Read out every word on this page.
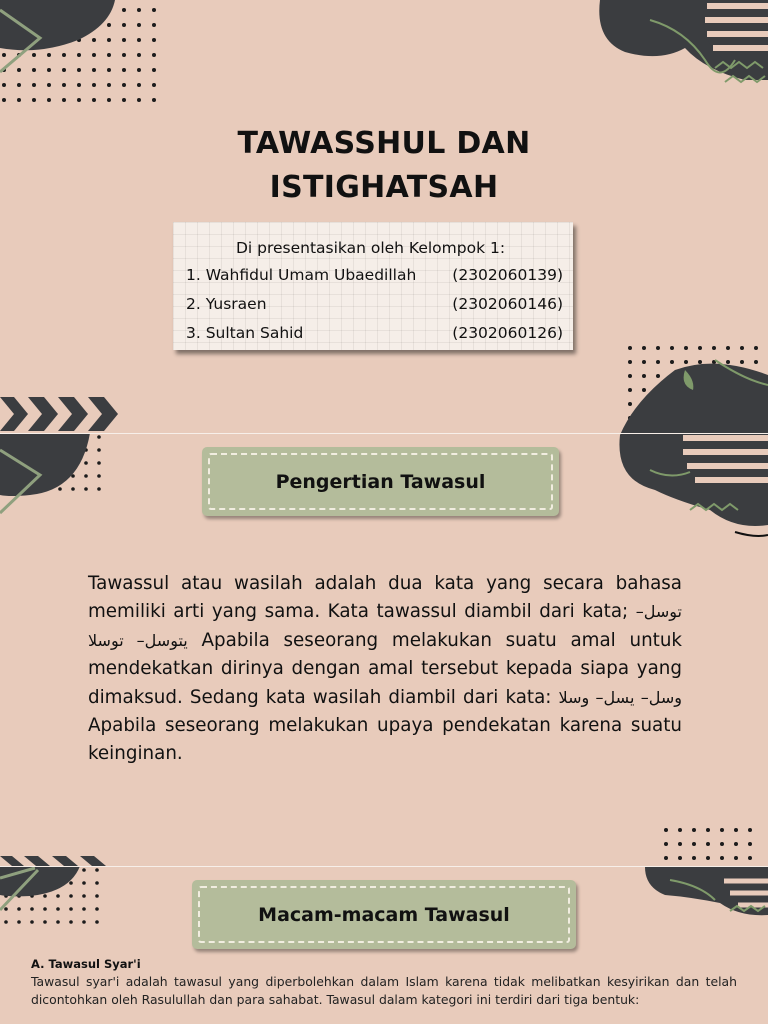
TAWASSHUL DAN
ISTIGHATSAH
Di presentasikan oleh Kelompok 1:
1. Wahfidul Umam Ubaedillah (2302060139)
2. Yusraen	(2302060146)
3. Sultan Sahid	(2302060126)
Pengertian Tawasul

Tawassul atau wasilah adalah dua kata yang secara bahasa memiliki arti yang sama. Kata tawassul diambil dari kata; توسل– يتوسل– توسلا Apabila seseorang melakukan suatu amal untuk mendekatkan dirinya dengan amal tersebut kepada siapa yang dimaksud. Sedang kata wasilah diambil dari kata: وسل– يسل– وسلا Apabila seseorang melakukan upaya pendekatan karena suatu keinginan.

Macam-macam Tawasul
A. Tawasul Syar'i

Tawasul syar'i adalah tawasul yang diperbolehkan dalam Islam karena tidak melibatkan kesyirikan dan telah dicontohkan oleh Rasulullah dan para sahabat. Tawasul dalam kategori ini terdiri dari tiga bentuk:
